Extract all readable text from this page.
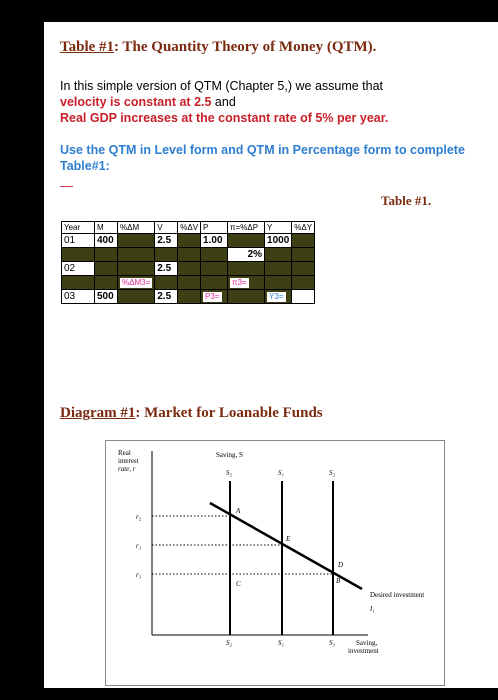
Table #1: The Quantity Theory of Money (QTM).
In this simple version of QTM (Chapter 5,) we assume that
velocity is constant at 2.5 and
Real GDP increases at the constant rate of 5% per year.
Use the QTM in Level form and QTM in Percentage form to complete Table#1:
—
Table #1.
Year	M	%ΔM	V	%ΔV	P	π=%ΔP	Y	%ΔY
01	400		2.5		1.00		1000	
						2%		
02			2.5					
		%ΔM3=				π3=		
03	500		2.5		P3=		Y3=	
Diagram #1: Market for Loanable Funds
Real
interest
rate, r
Saving, S
S₂	S₁	S₃
S₂	S₁	S₃
r₂
r₁
r₃
A
E
D
B
C
Desired investment
I₁
Saving,
investment
